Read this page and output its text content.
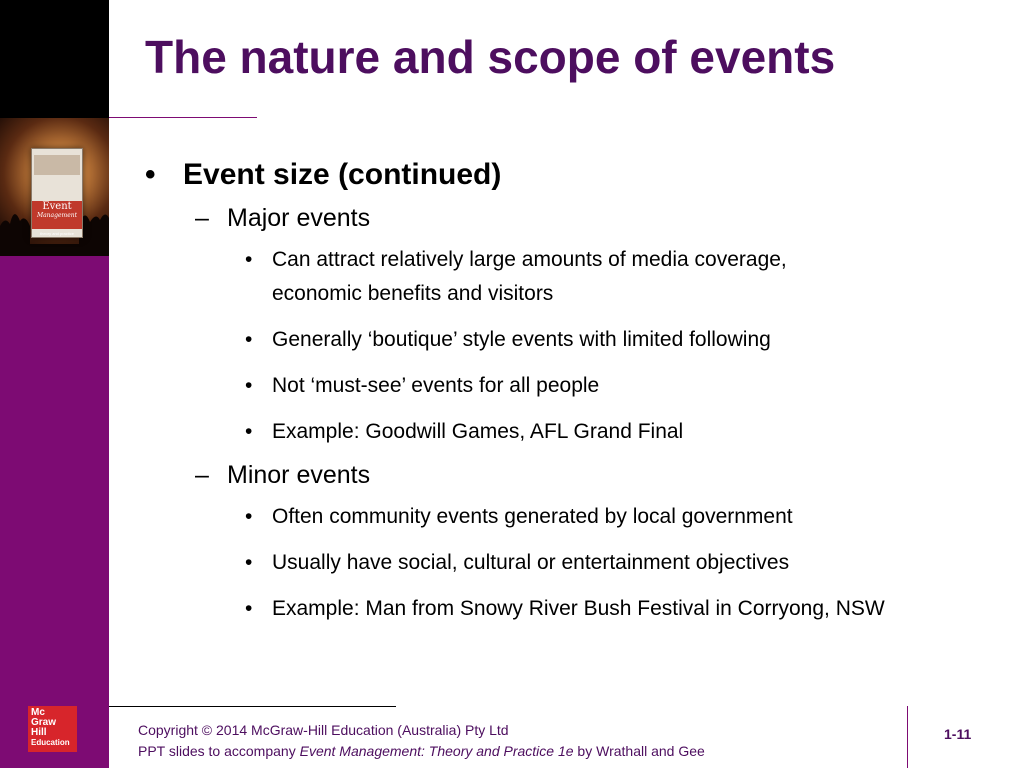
Event
Management
theory and practice
Mc
Graw
Hill
Education
The nature and scope of events
• Event size (continued)
– Major events
• Can attract relatively large amounts of media coverage, economic benefits and visitors
• Generally ‘boutique’ style events with limited following
• Not ‘must-see’ events for all people
• Example: Goodwill Games, AFL Grand Final
– Minor events
• Often community events generated by local government
• Usually have social, cultural or entertainment objectives
• Example: Man from Snowy River Bush Festival in Corryong, NSW
Copyright © 2014 McGraw-Hill Education (Australia) Pty Ltd
PPT slides to accompany Event Management: Theory and Practice 1e by Wrathall and Gee
1-11
